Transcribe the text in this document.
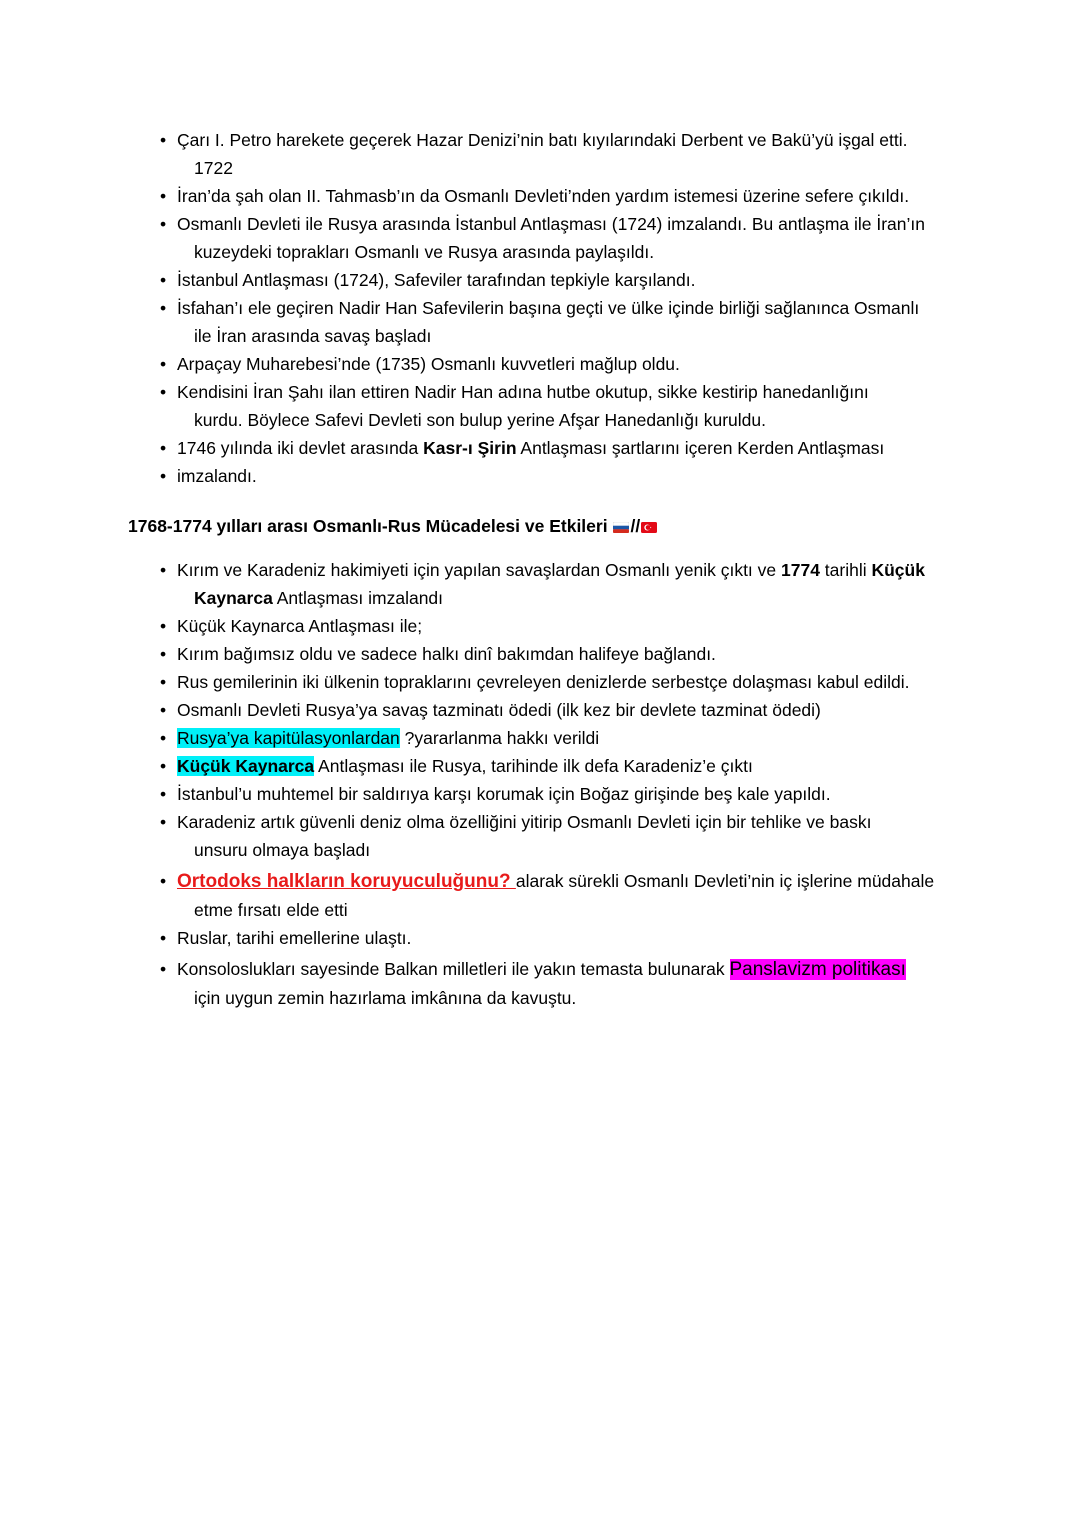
• Çarı I. Petro harekete geçerek Hazar Denizi’nin batı kıyılarındaki Derbent ve Bakü’yü işgal etti.
1722
• İran’da şah olan II. Tahmasb’ın da Osmanlı Devleti’nden yardım istemesi üzerine sefere çıkıldı.
• Osmanlı Devleti ile Rusya arasında İstanbul Antlaşması (1724) imzalandı. Bu antlaşma ile İran’ın
kuzeydeki toprakları Osmanlı ve Rusya arasında paylaşıldı.
• İstanbul Antlaşması (1724), Safeviler tarafından tepkiyle karşılandı.
• İsfahan’ı ele geçiren Nadir Han Safevilerin başına geçti ve ülke içinde birliği sağlanınca Osmanlı
ile İran arasında savaş başladı
• Arpaçay Muharebesi’nde (1735) Osmanlı kuvvetleri mağlup oldu.
• Kendisini İran Şahı ilan ettiren Nadir Han adına hutbe okutup, sikke kestirip hanedanlığını
kurdu. Böylece Safevi Devleti son bulup yerine Afşar Hanedanlığı kuruldu.
• 1746 yılında iki devlet arasında Kasr-ı Şirin Antlaşması şartlarını içeren Kerden Antlaşması
• imzalandı.
1768-1774 yılları arası Osmanlı-Rus Mücadelesi ve Etkileri //
• Kırım ve Karadeniz hakimiyeti için yapılan savaşlardan Osmanlı yenik çıktı ve 1774 tarihli Küçük
Kaynarca Antlaşması imzalandı
• Küçük Kaynarca Antlaşması ile;
• Kırım bağımsız oldu ve sadece halkı dinî bakımdan halifeye bağlandı.
• Rus gemilerinin iki ülkenin topraklarını çevreleyen denizlerde serbestçe dolaşması kabul edildi.
• Osmanlı Devleti Rusya’ya savaş tazminatı ödedi (ilk kez bir devlete tazminat ödedi)
• Rusya’ya kapitülasyonlardan ?yararlanma hakkı verildi
• Küçük Kaynarca Antlaşması ile Rusya, tarihinde ilk defa Karadeniz’e çıktı
• İstanbul’u muhtemel bir saldırıya karşı korumak için Boğaz girişinde beş kale yapıldı.
• Karadeniz artık güvenli deniz olma özelliğini yitirip Osmanlı Devleti için bir tehlike ve baskı
unsuru olmaya başladı
• Ortodoks halkların koruyuculuğunu? alarak sürekli Osmanlı Devleti’nin iç işlerine müdahale
etme fırsatı elde etti
• Ruslar, tarihi emellerine ulaştı.
• Konsoloslukları sayesinde Balkan milletleri ile yakın temasta bulunarak Panslavizm politikası
için uygun zemin hazırlama imkânına da kavuştu.
